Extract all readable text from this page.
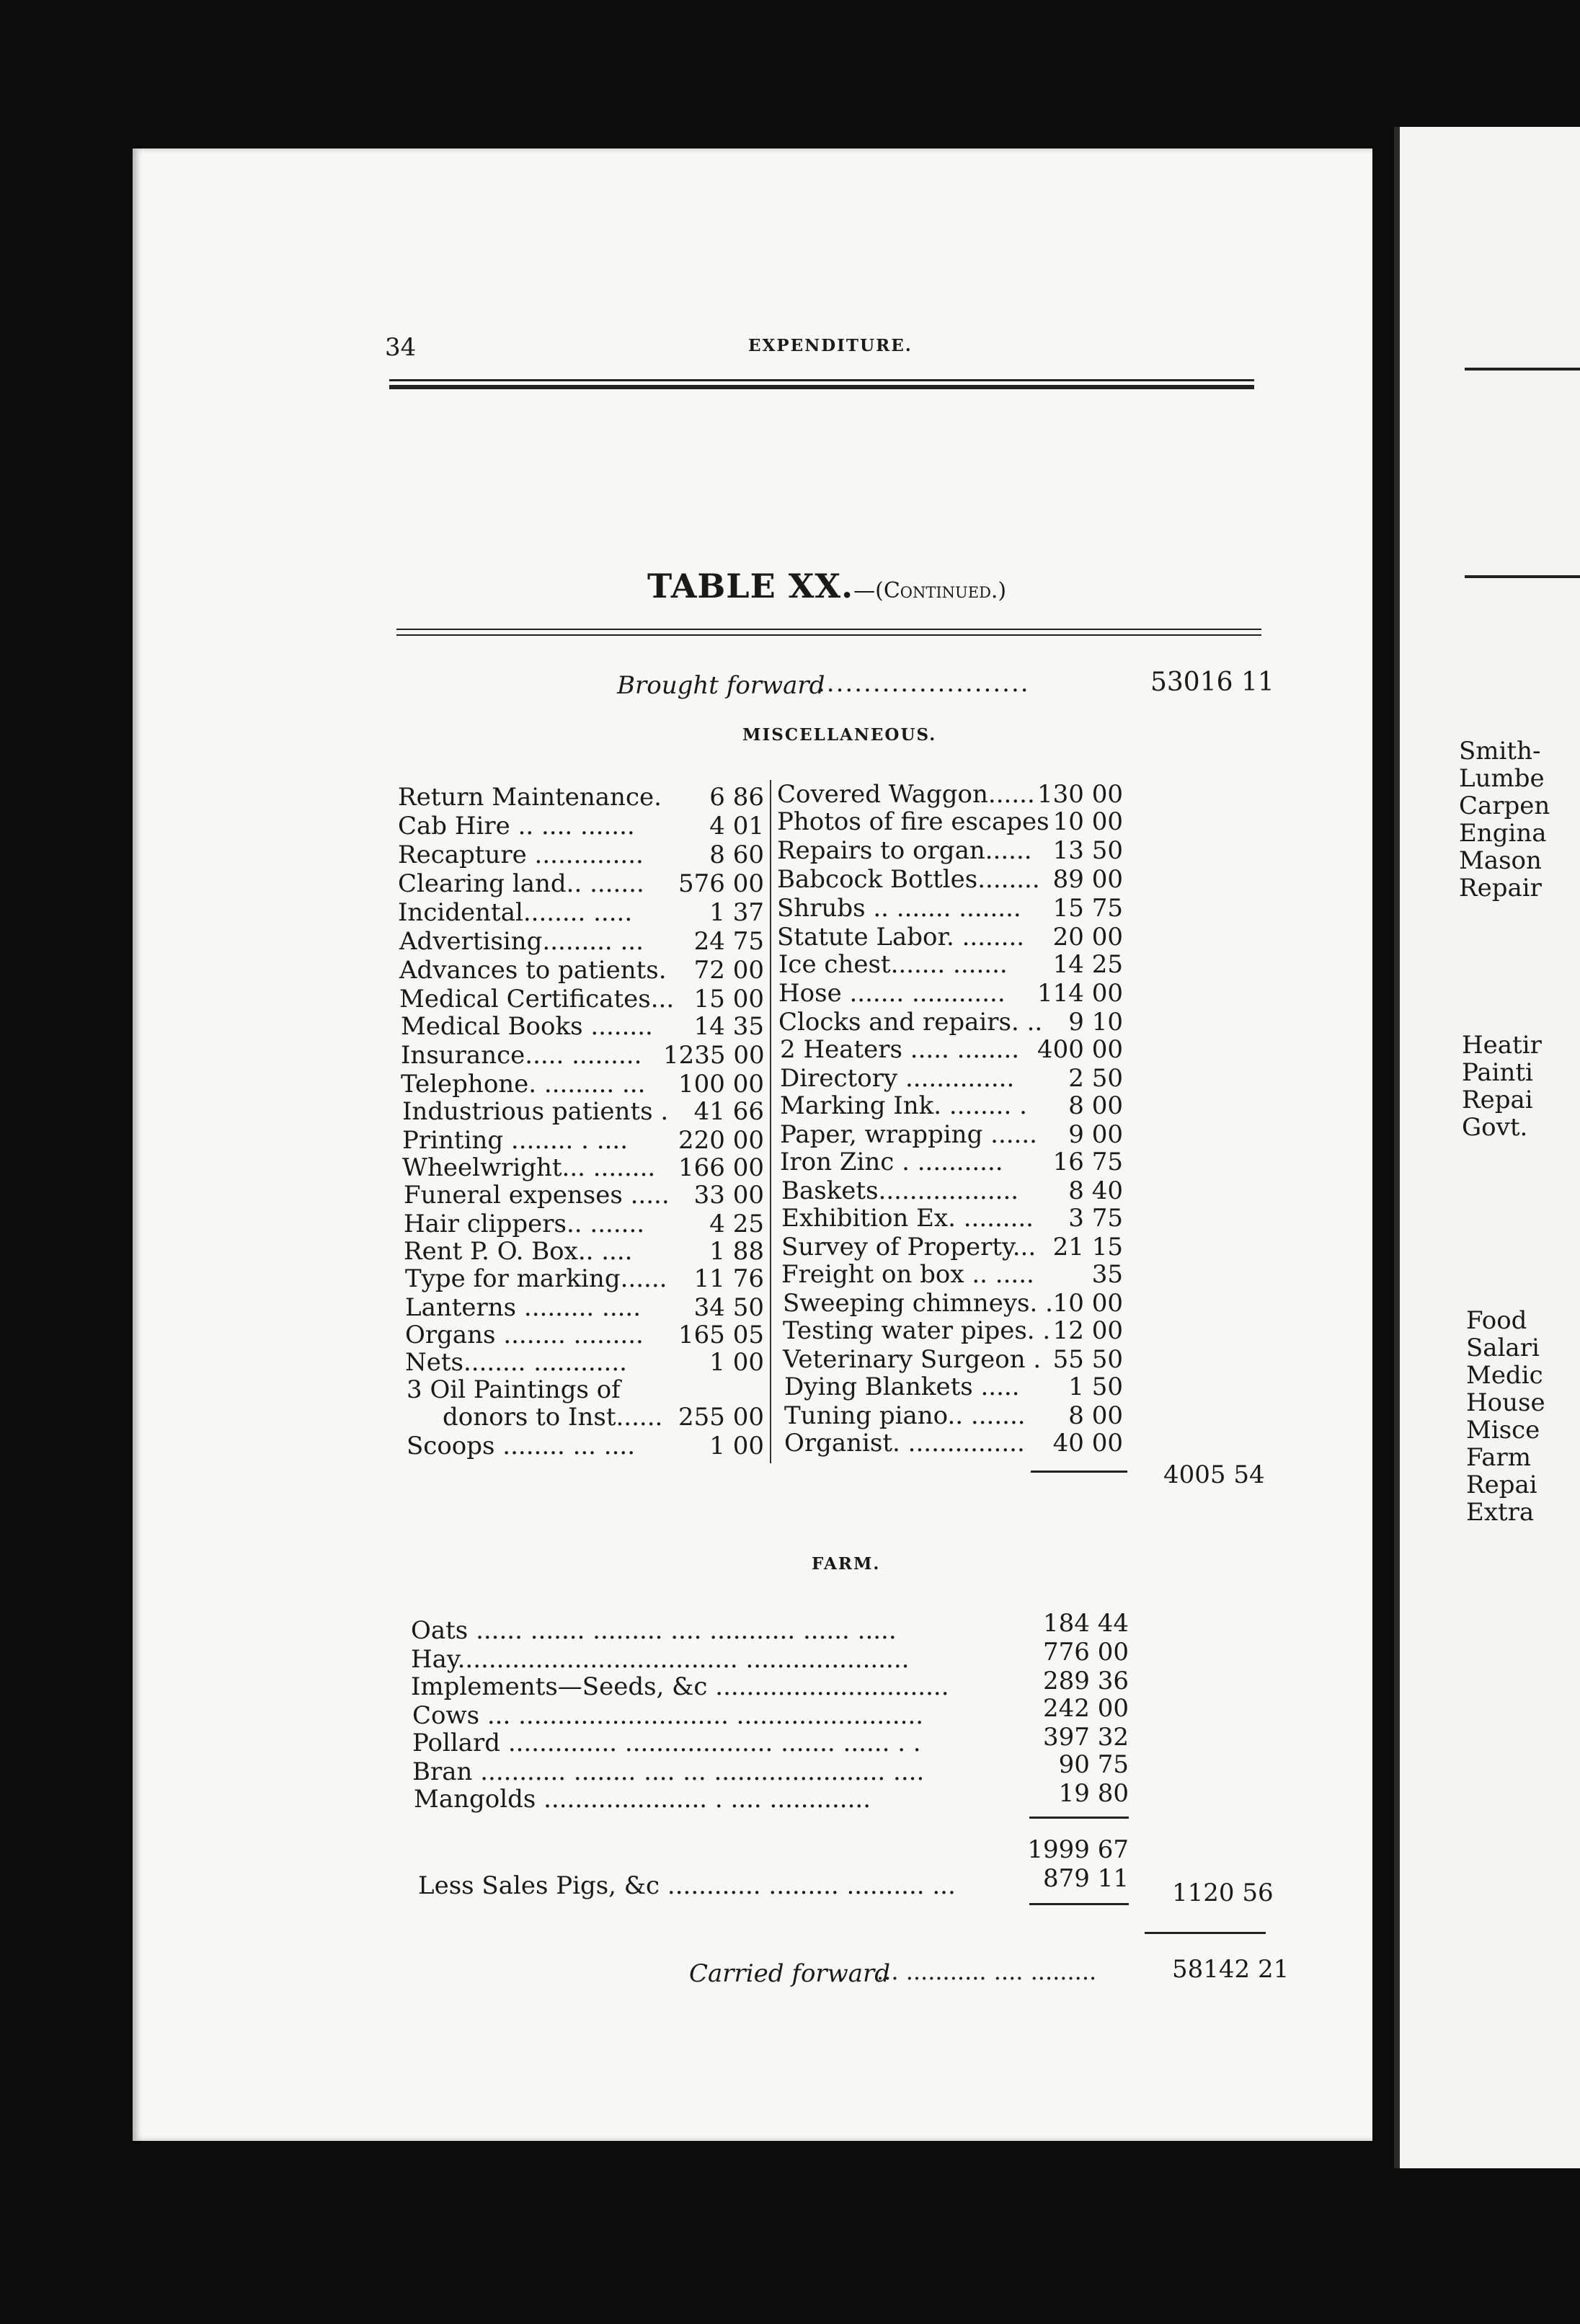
34	EXPENDITURE.
TABLE XX.—(Continued.)
Brought forward
.......................	53016 11
MISCELLANEOUS.
Return Maintenance.	6 86
Cab Hire .. .... .......	4 01
Recapture ..............	8 60
Clearing land.. .......	576 00
Incidental........ .....	1 37
Advertising......... ...	24 75
Advances to patients.	72 00
Medical Certificates... 15 00
Medical Books ........	14 35
Insurance..... ......... 1235 00
Telephone. ......... ...	100 00
Industrious patients .	41 66
Printing ........ . ....	220 00
Wheelwright... ........ 166 00
Funeral expenses .....	33 00
Hair clippers.. .......	4 25
Rent P. O. Box.. ....	1 88
Type for marking......	11 76
Lanterns ......... .....	34 50
Organs ........ .........	165 05
Nets........ ............	1 00
3 Oil Paintings of
donors to Inst...... 255 00
Scoops ........ ... ....	1 00
Covered Waggon...... 130 00
Photos of fire escapes 10 00
Repairs to organ...... 13 50
Babcock Bottles........ 89 00
Shrubs .. ....... ........	15 75
Statute Labor. ........	20 00
Ice chest....... .......	14 25
Hose ....... ............	114 00
Clocks and repairs. ..	9 10
2 Heaters ..... ........ 400 00
Directory ..............	2 50
Marking Ink. ........ .	8 00
Paper, wrapping ......	9 00
Iron Zinc . ...........	16 75
Baskets..................	8 40
Exhibition Ex. .........	3 75
Survey of Property... 21 15
Freight on box .. .....	35
Sweeping chimneys. . 10 00
Testing water pipes. . 12 00
Veterinary Surgeon . 55 50
Dying Blankets .....	1 50
Tuning piano.. .......	8 00
Organist. ...............	40 00
4005 54
FARM.
Oats ...... ....... ......... .... ........... ...... .....	184 44
Hay.................................... .....................	776 00
Implements—Seeds, &c ..............................	289 36
Cows ... ........................... ........................	242 00
Pollard .............. ................... ....... ...... . .	397 32
Bran ........... ........ .... ... ...................... ....	90 75
Mangolds ..................... . .... .............	19 80
1999 67
Less Sales Pigs, &c ............ ......... .......... ...	879 11 1120 56
Carried forward
... ........... .... .........	58142 21
Smith-
Lumbe
Carpen
Engina
Mason
Repair
Heatir
Painti
Repai
Govt.
Food
Salari
Medic
House
Misce
Farm
Repai
Extra
